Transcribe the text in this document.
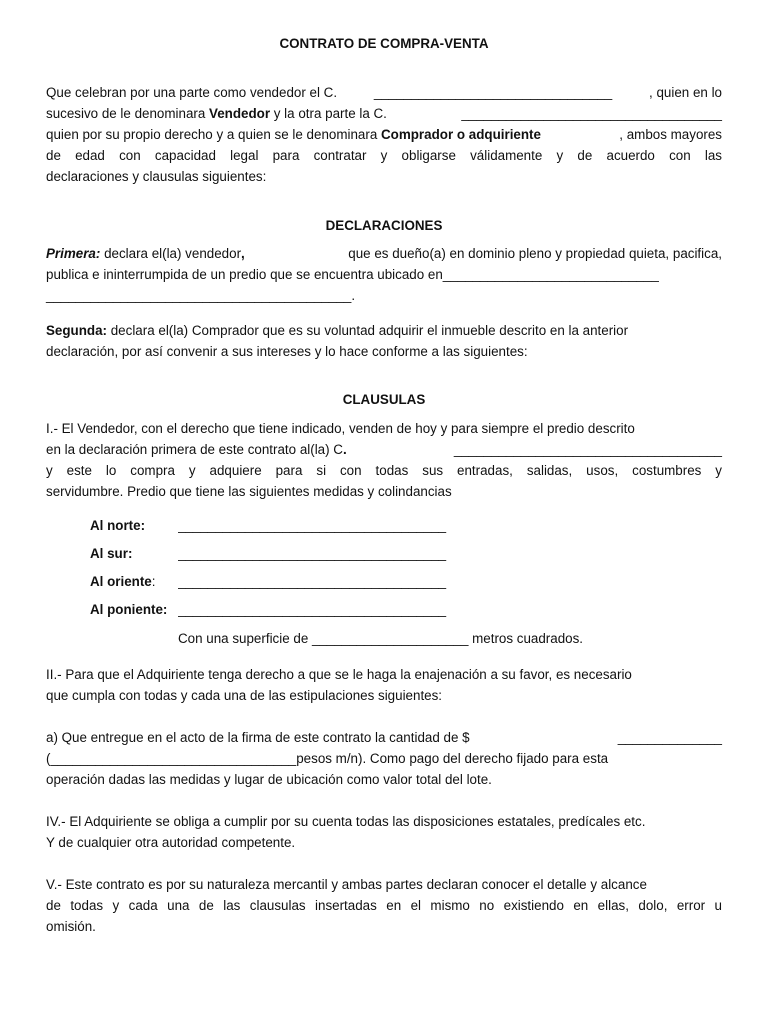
CONTRATO DE COMPRA-VENTA

Que celebran por una parte como vendedor el C.	________________________________	, quien en lo

sucesivo de le denominara Vendedor y la otra parte la C.	___________________________________

quien por su propio derecho y a quien se le denominara Comprador o adquiriente	, ambos mayores

de edad con capacidad legal para contratar y obligarse válidamente y de acuerdo con las

declaraciones y clausulas siguientes:

DECLARACIONES

Primera: declara el(la) vendedor,	que es dueño(a) en dominio pleno y propiedad quieta, pacifica,

publica e ininterrumpida de un predio que se encuentra ubicado en_____________________________

_________________________________________.

Segunda: declara el(la) Comprador que es su voluntad adquirir el inmueble descrito en la anterior

declaración, por así convenir a sus intereses y lo hace conforme a las siguientes:

CLAUSULAS

I.- El Vendedor, con el derecho que tiene indicado, venden de hoy y para siempre el predio descrito

en la declaración primera de este contrato al(la) C.	____________________________________

y este lo compra y adquiere para si con todas sus entradas, salidas, usos, costumbres y

servidumbre. Predio que tiene las siguientes medidas y colindancias

Al norte:	____________________________________
Al sur:	____________________________________
Al oriente:	____________________________________
Al poniente: ____________________________________

Con una superficie de _____________________ metros cuadrados.

II.- Para que el Adquiriente tenga derecho a que se le haga la enajenación a su favor, es necesario

que cumpla con todas y cada una de las estipulaciones siguientes:

a) Que entregue en el acto de la firma de este contrato la cantidad de $	______________

(_________________________________pesos m/n). Como pago del derecho fijado para esta

operación dadas las medidas y lugar de ubicación como valor total del lote.

IV.- El Adquiriente se obliga a cumplir por su cuenta todas las disposiciones estatales, predícales etc.

Y de cualquier otra autoridad competente.

V.- Este contrato es por su naturaleza mercantil y ambas partes declaran conocer el detalle y alcance

de todas y cada una de las clausulas insertadas en el mismo no existiendo en ellas, dolo, error u

omisión.
